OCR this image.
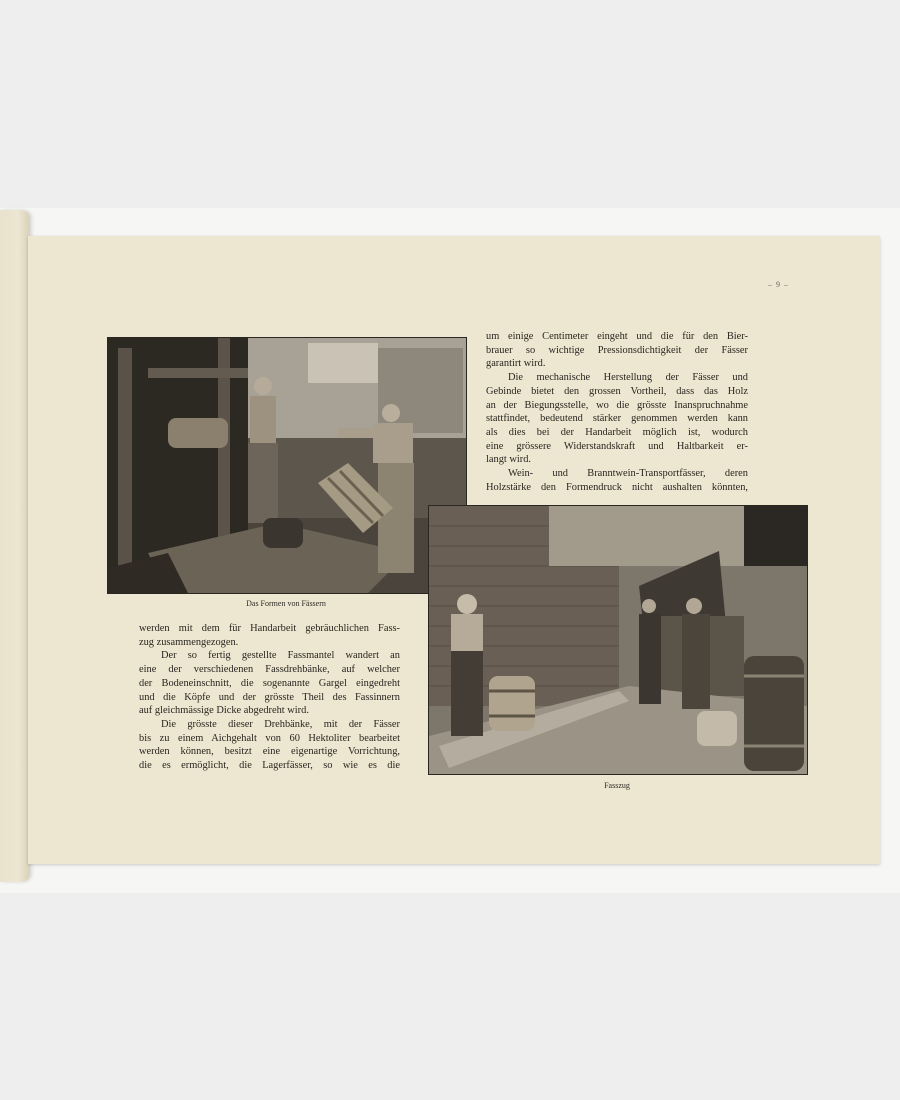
– 9 –
Das Formen von Fässern
Fasszug

um einige Centimeter eingeht und die für den Bier-
brauer so wichtige Pressionsdichtigkeit der Fässer
garantirt wird.

Die mechanische Herstellung der Fässer und
Gebinde bietet den grossen Vortheil, dass das Holz
an der Biegungsstelle, wo die grösste Inanspruchnahme
stattfindet, bedeutend stärker genommen werden kann
als dies bei der Handarbeit möglich ist, wodurch
eine grössere Widerstandskraft und Haltbarkeit er-
langt wird.

Wein- und Branntwein-Transportfässer, deren
Holzstärke den Formendruck nicht aushalten könnten,

werden mit dem für Handarbeit gebräuchlichen Fass-
zug zusammengezogen.

Der so fertig gestellte Fassmantel wandert an
eine der verschiedenen Fassdrehbänke, auf welcher
der Bodeneinschnitt, die sogenannte Gargel eingedreht
und die Köpfe und der grösste Theil des Fassinnern
auf gleichmässige Dicke abgedreht wird.

Die grösste dieser Drehbänke, mit der Fässer
bis zu einem Aichgehalt von 60 Hektoliter bearbeitet
werden können, besitzt eine eigenartige Vorrichtung,
die es ermöglicht, die Lagerfässer, so wie es die
